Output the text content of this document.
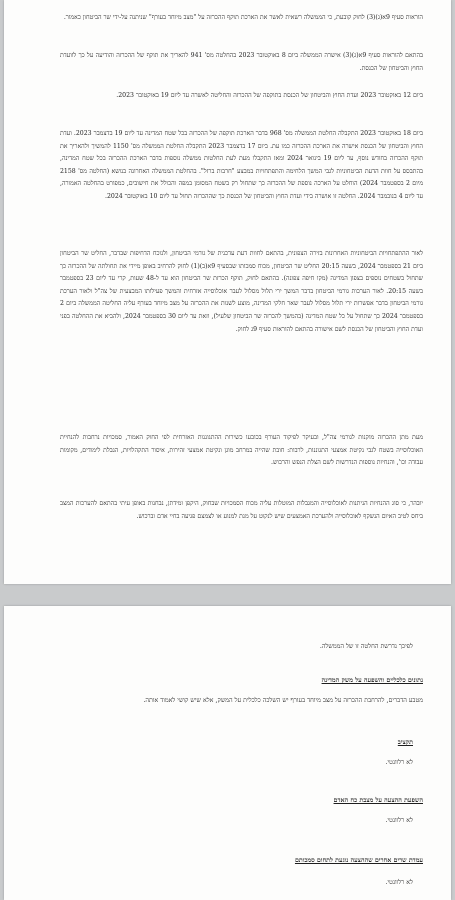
הוראות סעיף 9א(ג)(3) לחוק קובעת, כי הממשלה רשאית לאשר את הארכת תוקף ההכרזה על "מצב מיוחד בעורף" שניתנה על-ידי שר הביטחון כאמור.

בהתאם להוראות סעיף 9א(ג)(3) אישרה הממשלה ביום 8 באוקטובר 2023 בהחלטה מס' 941 להאריך את תוקף של ההכרזה והודיעה על כך לוועדת החוץ והביטחון של הכנסת.

ביום 12 באוקטובר 2023 ועדת החוץ והביטחון של הכנסת בתוקפה של ההכרזה והחליטה לאשרה עד ליום 19 באוקטובר 2023.

ביום 18 באוקטובר 2023 התקבלה החלטת הממשלה מס' 968 בדבר הארכת תוקפה של ההכרזה בכל שטח המדינה עד ליום 19 בדצמבר 2023. ועדת החוץ והביטחון של הכנסת אישרה את הארכת ההכרזה כמו עת. ביום 17 בדצמבר 2023 התקבלה החלטת הממשלה מס' 1150 להמשיך ולהאריך את תוקף ההכרזה בחודש נוסף, עד ליום 19 בינואר 2024 ומאז התקבלו מעת לעת החלטות ממשלה נוספות בדבר הארכת ההכרזה בכל שטח המדינה, בהתבסס על חוות הדעת הביטחוניות לגבי המשך הלחימה והתפתחויות במבצע "חרבות ברזל". בהחלטת הממשלה האחרונה בנושא (החלטה מס' 2158 מיום 2 בספטמבר 2024) הוחלט על הארכה נוספת של ההכרזה כך שתחול רק בשטח המסומן במפה והכולל את חישובים, כמפורט בהחלטה האמורה, עד ליום 4 בנובמבר 2024. החלטה זו אושרה בידי ועדת החוץ והביטחון של הכנסת כך שההכרזה תחול עד ליום 10 באוקטובר 2024.

לאור ההתפתחויות הביטחוניות האחרונות בזירה הצפונית, בהתאם לחוות דעת עדכנית של גורמי הביטחון, ולנוכח הדחיפות שבדבר, החליט שר הביטחון ביום 21 בספטמבר 2024, בשעה 20:15 החליט שר הביטחון, מכוח סמכותו שבסעיף 9א(ב)(1) לחוק להרחיב באופן מיידי את תחולתה של ההכרזה כך שתחול בשטחים נוספים בצפון המדינה (מקו חיפה צפונה). בהתאם לחוק, תוקף הכרזת שר הביטחון הוא עד ל-48 שעות, קרי עד ליום 23 בספטמבר בשעה 20:15. לאור הערכות גורמי הביטחון בדבר המשך ירי תלול מסלול לעבר אוכלוסייה אזרחית והמשך פעילותו המבצעית של צה"ל ולאור הערכת גורמי הביטחון בדבר אפשרות ירי תלול מסלול לעבר שאר חלקי המדינה, מוצע לשנות את ההכרזה על מצב מיוחד בעורף עליה החליטה הממשלה ביום 2 בספטמבר 2024 כך שתחול על כל שטח המדינה (בהמשך להכרזה שר הביטחון שלעיל), וזאת עד ליום 30 בספטמבר 2024, ולהביא את ההחלטה בפני ועדת החוץ והביטחון של הכנסת לשם אישורה בהתאם להוראות סעיף 9ג לחוק.

מעת מתן ההכרזה מוקנות לגורמי צה"ל, ובעיקר לפיקוד העורף בכובעו כשירות ההתגוננות האזרחית לפי החוק האמור, סמכויות נרחבות להנחיית האוכלוסייה בשטח לגבי נקיטת אמצעי התגוננות, לרבות: חובת שהייה במרחב מוגן ונקיטת אמצעי זהירות, איסור התקהלויות, הגבלת לימודים, מקומות עבודה וכו', והנחיות נוספות הנדרשות לשם הצלת הנפש והרכוש.

יובהר, כי סוג ההנחיות הניתנות לאוכלוסייה והמגבלות המוטלות עליה מכוח הסמכויות שבחוק, היקפן ומידתן, נבחנות באופן עיתי בהתאם להערכות המצב ביחס לטיב האיום הנשקף לאוכלוסייה ולהערכת האמצעים שיש לנקוט על מנת למנוע או לצמצם פגיעה בחיי אדם וברכוש.

לפיכך נדרשת החלטה זו של הממשלה.

נתונים כלכליים והשפעה על משק המדינה

מטבע הדברים, להרחבת ההכרזה על מצב מיוחד בעורף יש השלכה כלכלית על המשק, אלא שיש קושי לאמוד אותה.

תקציב

לא רלוונטי.

השפעת ההצעה על מצבת כח האדם

לא רלוונטי.

עמדת שרים אחרים שההצעה נוגעת לתחום סמכותם

לא רלוונטי.
